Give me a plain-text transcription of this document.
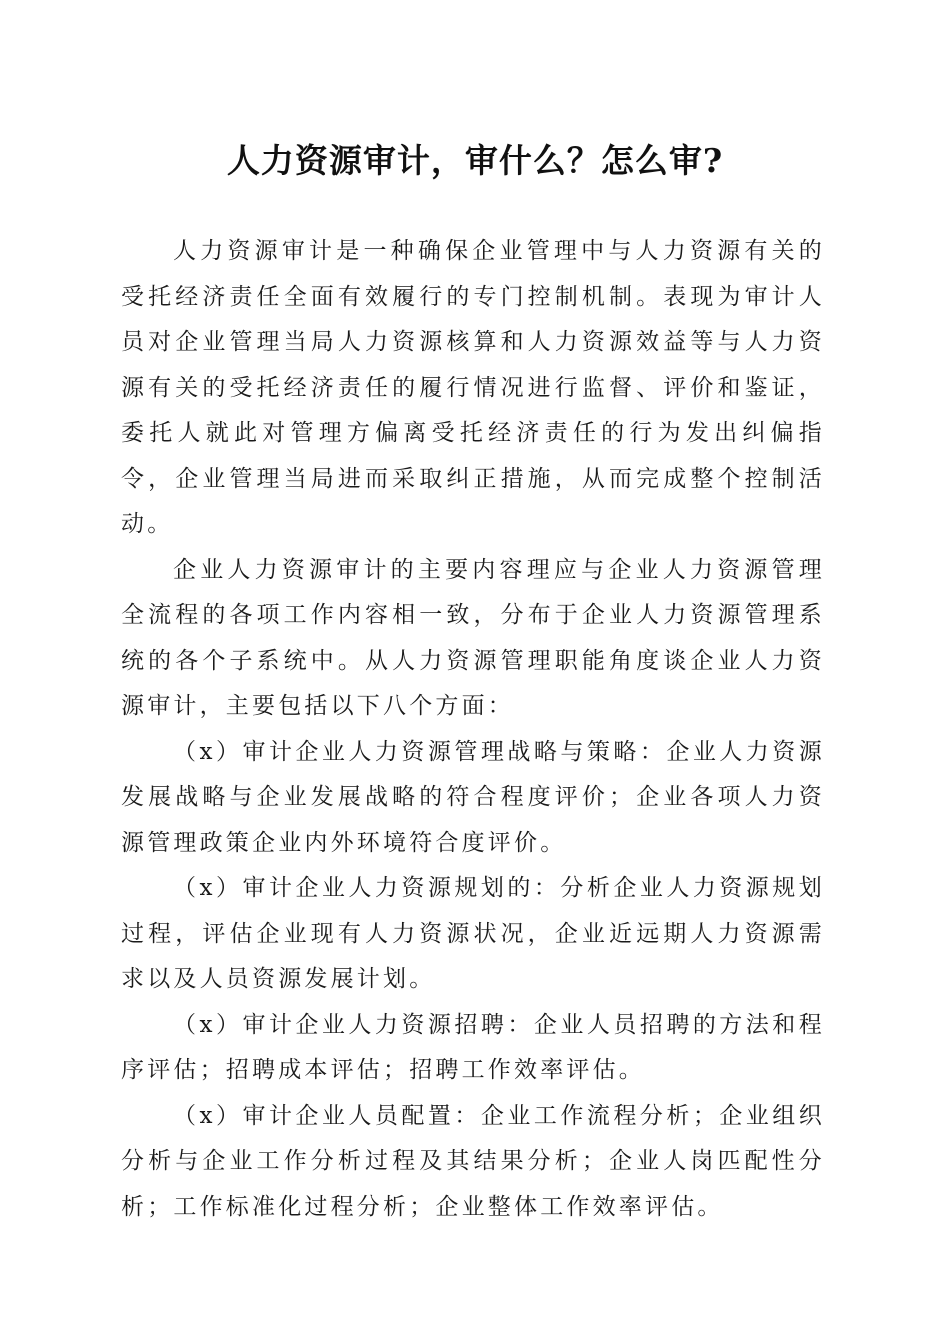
人力资源审计，审什么？怎么审?

人力资源审计是一种确保企业管理中与人力资源有关的受托经济责任全面有效履行的专门控制机制。表现为审计人员对企业管理当局人力资源核算和人力资源效益等与人力资源有关的受托经济责任的履行情况进行监督、评价和鉴证，委托人就此对管理方偏离受托经济责任的行为发出纠偏指令，企业管理当局进而采取纠正措施，从而完成整个控制活动。

企业人力资源审计的主要内容理应与企业人力资源管理全流程的各项工作内容相一致，分布于企业人力资源管理系统的各个子系统中。从人力资源管理职能角度谈企业人力资源审计，主要包括以下八个方面：

（x）审计企业人力资源管理战略与策略：企业人力资源发展战略与企业发展战略的符合程度评价；企业各项人力资源管理政策企业内外环境符合度评价。

（x）审计企业人力资源规划的：分析企业人力资源规划过程，评估企业现有人力资源状况，企业近远期人力资源需求以及人员资源发展计划。

（x）审计企业人力资源招聘：企业人员招聘的方法和程序评估；招聘成本评估；招聘工作效率评估。

（x）审计企业人员配置：企业工作流程分析；企业组织分析与企业工作分析过程及其结果分析；企业人岗匹配性分析；工作标准化过程分析；企业整体工作效率评估。
